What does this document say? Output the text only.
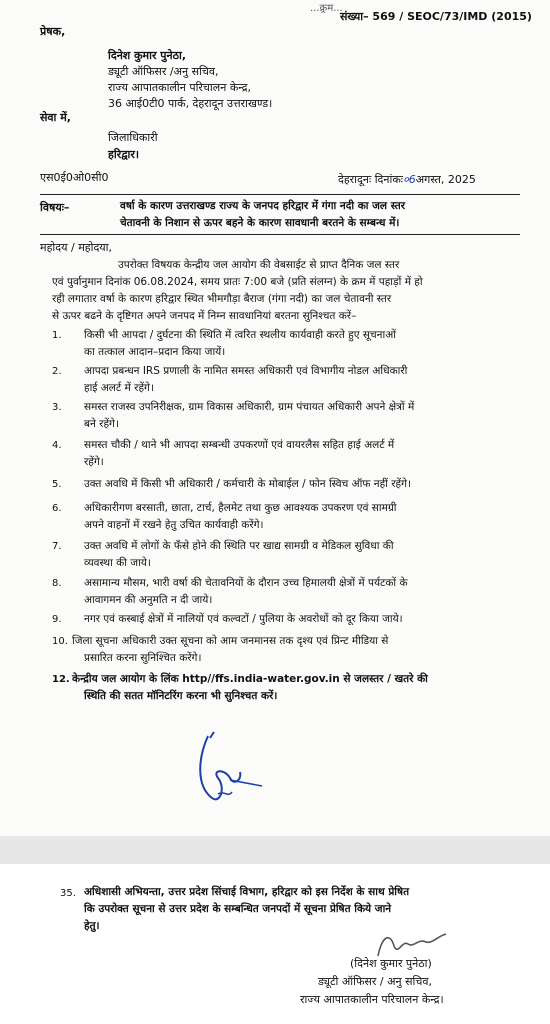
...क्र्रम...
संख्या– 569 / SEOC/73/IMD (2015)
प्रेषक,
दिनेश कुमार पुनेठा,
ड्यूटी ऑफिसर /अनु सचिव,
राज्य आपातकालीन परिचालन केन्द्र,
36 आई0टी0 पार्क, देहरादून उत्तराखण्ड।
सेवा में,
जिलाधिकारी
हरिद्वार।
एस0ई0ओ0सी0	देहरादूनः दिनांकः०6अगस्त, 2025
विषयः–	वर्षा के कारण उत्तराखण्ड राज्य के जनपद हरिद्वार में गंगा नदी का जल स्तर
चेतावनी के निशान से ऊपर बहने के कारण सावधानी बरतने के सम्बन्ध में।
महोदय / महोदया,
उपरोक्त विषयक केन्द्रीय जल आयोग की वेबसाईट से प्राप्त दैनिक जल स्तर
एवं पुर्वानुमान दिनांक 06.08.2024, समय प्रातः 7:00 बजे (प्रति संलग्न) के क्रम में पहाड़ों में हो
रही लगातार वर्षा के कारण हरिद्वार स्थित भीमगौड़ा बैराज (गंगा नदी) का जल चेतावनी स्तर
से ऊपर बढने के दृष्टिगत अपने जनपद में निम्न सावधानियां बरतना सुनिश्चत करें–
1. किसी भी आपदा / दुर्घटना की स्थिति में त्वरित स्थलीय कार्यवाही करते हुए सूचनाओं
का तत्काल आदान–प्रदान किया जायें।
2. आपदा प्रबन्धन IRS प्रणाली के नामित समस्त अधिकारी एवं विभागीय नोडल अधिकारी
हाई अलर्ट में रहेंगे।
3. समस्त राजस्व उपनिरीक्षक, ग्राम विकास अधिकारी, ग्राम पंचायत अधिकारी अपने क्षेत्रों में
बने रहेंगे।
4. समस्त चौकी / थाने भी आपदा सम्बन्धी उपकरणों एवं वायरलैस सहित हाई अलर्ट में
रहेंगे।
5. उक्त अवधि में किसी भी अधिकारी / कर्मचारी के मोबाईल / फोन स्विच ऑफ नहीं रहेंगे।
6. अधिकारीगण बरसाती, छाता, टार्च, हैलमेट तथा कुछ आवश्यक उपकरण एवं सामग्री
अपने वाहनों में रखने हेतु उचित कार्यवाही करेंगे।
7. उक्त अवधि में लोगों के फँसे होने की स्थिति पर खाद्य सामग्री व मेडिकल सुविधा की
व्यवस्था की जाये।
8. असामान्य मौसम, भारी वर्षा की चेतावनियों के दौरान उच्च हिमालयी क्षेत्रों में पर्यटकों के
आवागमन की अनुमति न दी जाये।
9. नगर एवं कस्बाई क्षेत्रों में नालियों एवं कल्वटों / पुलिया के अवरोधों को दूर किया जाये।
10. जिला सूचना अधिकारी उक्त सूचना को आम जनमानस तक दृश्य एवं प्रिन्ट मीडिया से
प्रसारित करना सुनिश्चित करेंगे।
12. केन्द्रीय जल आयोग के लिंक http//ffs.india-water.gov.in से जलस्तर / खतरे की
स्थिति की सतत मॉनिटरिंग करना भी सुनिश्चत करें।
35. अधिशासी अभियन्ता, उत्तर प्रदेश सिंचाई विभाग, हरिद्वार को इस निर्देश के साथ प्रेषित
कि उपरोक्त सूचना से उत्तर प्रदेश के सम्बन्धित जनपदों में सूचना प्रेषित किये जाने
हेतु।
(दिनेश कुमार पुनेठा)
ड्यूटी ऑफिसर / अनु सचिव,
राज्य आपातकालीन परिचालन केन्द्र।
